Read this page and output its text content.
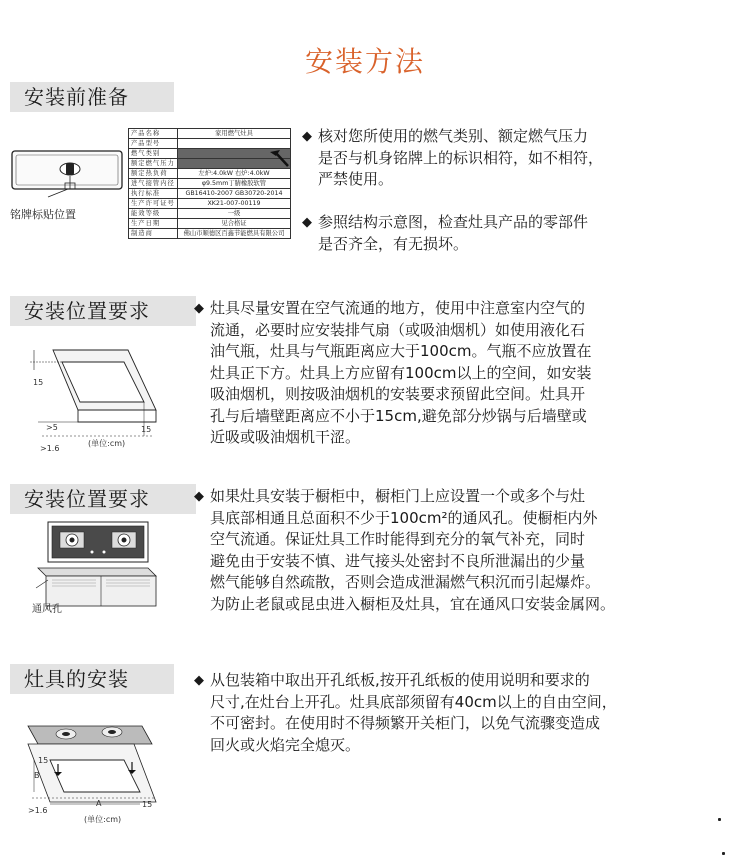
安装方法
安装前准备
铭牌标贴位置
产品名称	家用燃气灶具
产品型号	
燃气类别	
额定燃气压力	
额定热负荷	左炉:4.0kW 右炉:4.0kW
进气接管内径	φ9.5mm丁腈橡胶软管
执行标准	GB16410-2007 GB30720-2014
生产许可证号	XK21-007-00119
能效等级	一级
生产日期	见合格证
制造商	佛山市顺德区百鑫节能燃具有限公司
◆ 核对您所使用的燃气类别、额定燃气压力
是否与机身铭牌上的标识相符，如不相符，
严禁使用。
◆ 参照结构示意图，检查灶具产品的零部件
是否齐全，有无损坏。
安装位置要求
15
>5	15
>1.6
(单位:cm)
◆ 灶具尽量安置在空气流通的地方，使用中注意室内空气的
流通，必要时应安装排气扇（或吸油烟机）如使用液化石
油气瓶，灶具与气瓶距离应大于100cm。气瓶不应放置在
灶具正下方。灶具上方应留有100cm以上的空间，如安装
吸油烟机，则按吸油烟机的安装要求预留此空间。灶具开
孔与后墙壁距离应不小于15cm,避免部分炒锅与后墙壁或
近吸或吸油烟机干涩。
安装位置要求
通风孔
◆ 如果灶具安装于橱柜中，橱柜门上应设置一个或多个与灶
具底部相通且总面积不少于100cm²的通风孔。使橱柜内外
空气流通。保证灶具工作时能得到充分的氧气补充，同时
避免由于安装不慎、进气接头处密封不良所泄漏出的少量
燃气能够自然疏散，否则会造成泄漏燃气积沉而引起爆炸。
为防止老鼠或昆虫进入橱柜及灶具，宜在通风口安装金属网。
灶具的安装
B
A
>1.6
15
15
(单位:cm)
◆ 从包装箱中取出开孔纸板,按开孔纸板的使用说明和要求的
尺寸,在灶台上开孔。灶具底部须留有40cm以上的自由空间，
不可密封。在使用时不得频繁开关柜门，以免气流骤变造成
回火或火焰完全熄灭。
